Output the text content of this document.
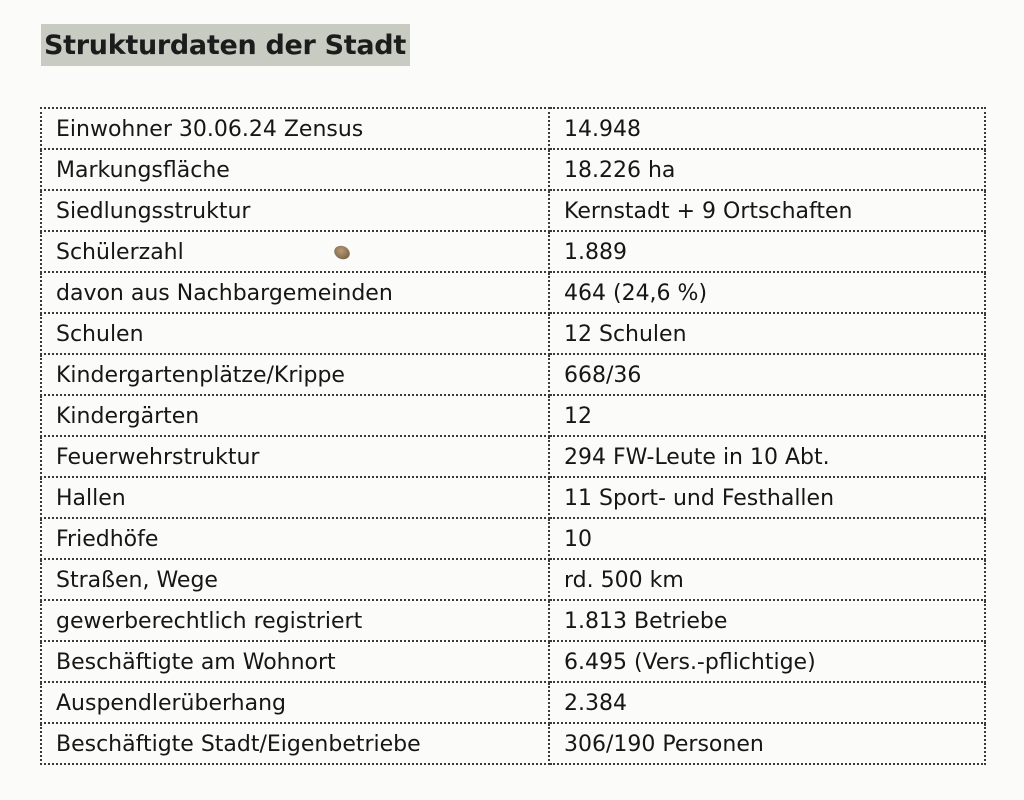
Strukturdaten der Stadt
Einwohner 30.06.24 Zensus	14.948
Markungsfläche	18.226 ha
Siedlungsstruktur	Kernstadt + 9 Ortschaften
Schülerzahl	1.889
davon aus Nachbargemeinden	464 (24,6 %)
Schulen	12 Schulen
Kindergartenplätze/Krippe	668/36
Kindergärten	12
Feuerwehrstruktur	294 FW-Leute in 10 Abt.
Hallen	11 Sport- und Festhallen
Friedhöfe	10
Straßen, Wege	rd. 500 km
gewerberechtlich registriert	1.813 Betriebe
Beschäftigte am Wohnort	6.495 (Vers.-pflichtige)
Auspendlerüberhang	2.384
Beschäftigte Stadt/Eigenbetriebe	306/190 Personen
